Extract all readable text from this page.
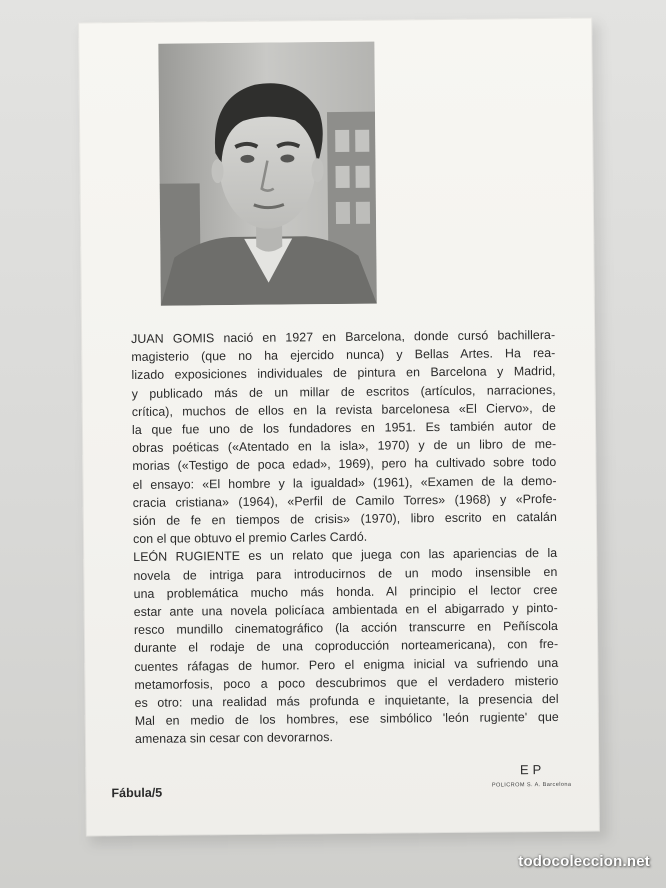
JUAN GOMIS nació en 1927 en Barcelona, donde cursó bachillera-
magisterio (que no ha ejercido nunca) y Bellas Artes. Ha rea-
lizado exposiciones individuales de pintura en Barcelona y Madrid,
y publicado más de un millar de escritos (artículos, narraciones,
crítica), muchos de ellos en la revista barcelonesa «El Ciervo», de
la que fue uno de los fundadores en 1951. Es también autor de
obras poéticas («Atentado en la isla», 1970) y de un libro de me-
morias («Testigo de poca edad», 1969), pero ha cultivado sobre todo
el ensayo: «El hombre y la igualdad» (1961), «Examen de la demo-
cracia cristiana» (1964), «Perfil de Camilo Torres» (1968) y «Profe-
sión de fe en tiempos de crisis» (1970), libro escrito en catalán
con el que obtuvo el premio Carles Cardó.

LEÓN RUGIENTE es un relato que juega con las apariencias de la
novela de intriga para introducirnos de un modo insensible en
una problemática mucho más honda. Al principio el lector cree
estar ante una novela policíaca ambientada en el abigarrado y pinto-
resco mundillo cinematográfico (la acción transcurre en Peñíscola
durante el rodaje de una coproducción norteamericana), con fre-
cuentes ráfagas de humor. Pero el enigma inicial va sufriendo una
metamorfosis, poco a poco descubrimos que el verdadero misterio
es otro: una realidad más profunda e inquietante, la presencia del
Mal en medio de los hombres, ese simbólico 'león rugiente' que
amenaza sin cesar con devorarnos.

Fábula/5
EP
POLICROM S. A. Barcelona
todocoleccion.net
